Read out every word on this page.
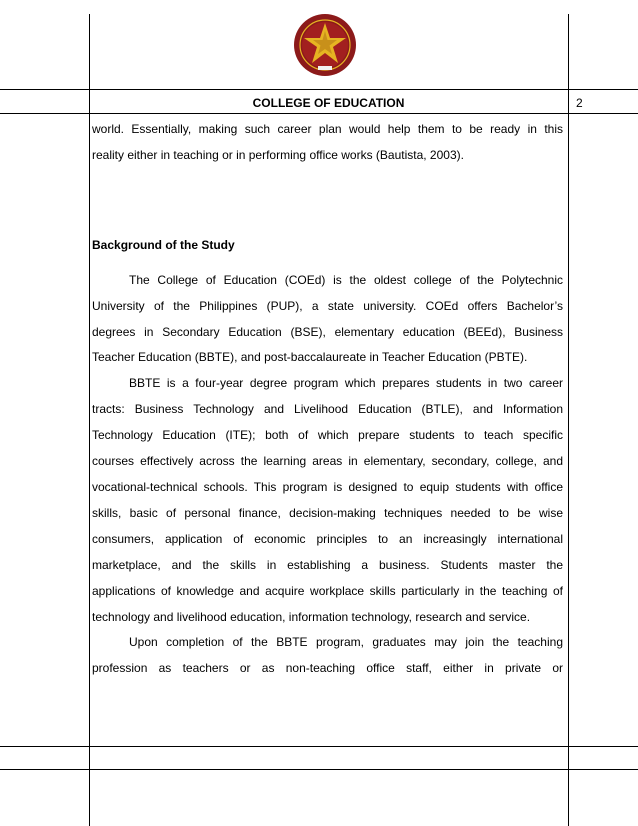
COLLEGE OF EDUCATION	2

world. Essentially, making such career plan would help them to be ready in this

reality either in teaching or in performing office works (Bautista, 2003).

Background of the Study

The College of Education (COEd) is the oldest college of the Polytechnic

University of the Philippines (PUP), a state university. COEd offers Bachelor’s

degrees in Secondary Education (BSE), elementary education (BEEd), Business

Teacher Education (BBTE), and post-baccalaureate in Teacher Education (PBTE).

BBTE is a four-year degree program which prepares students in two career

tracts: Business Technology and Livelihood Education (BTLE), and Information

Technology Education (ITE); both of which prepare students to teach specific

courses effectively across the learning areas in elementary, secondary, college, and

vocational-technical schools. This program is designed to equip students with office

skills, basic of personal finance, decision-making techniques needed to be wise

consumers, application of economic principles to an increasingly international

marketplace, and the skills in establishing a business. Students master the

applications of knowledge and acquire workplace skills particularly in the teaching of

technology and livelihood education, information technology, research and service.

Upon completion of the BBTE program, graduates may join the teaching

profession as teachers or as non-teaching office staff, either in private or
